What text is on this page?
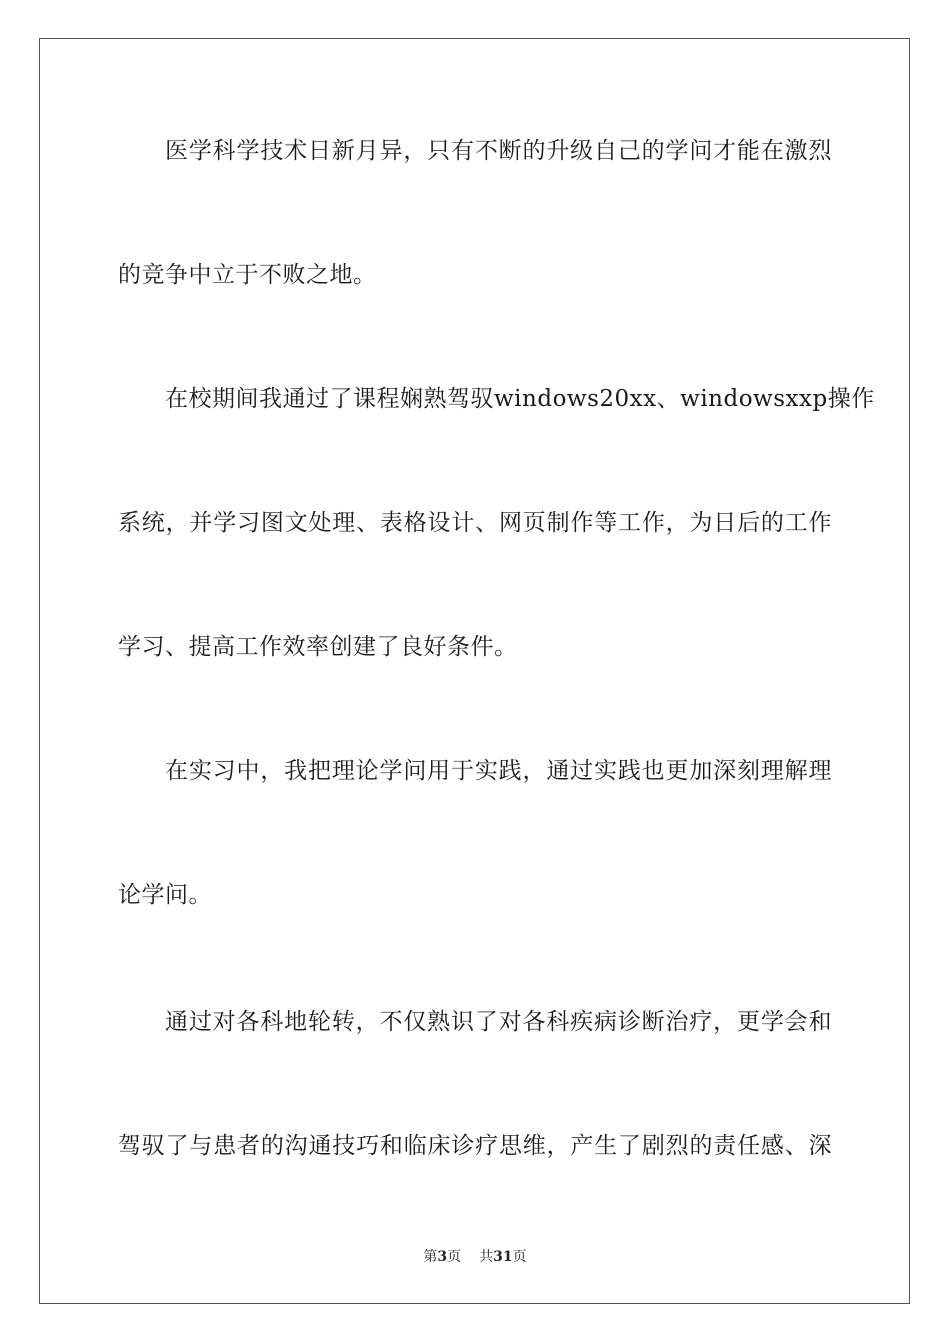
医学科学技术日新月异，只有不断的升级自己的学问才能在激烈
的竞争中立于不败之地。
在校期间我通过了课程娴熟驾驭windows20xx、windowsxxp操作
系统，并学习图文处理、表格设计、网页制作等工作，为日后的工作
学习、提高工作效率创建了良好条件。
在实习中，我把理论学问用于实践，通过实践也更加深刻理解理
论学问。
通过对各科地轮转，不仅熟识了对各科疾病诊断治疗，更学会和
驾驭了与患者的沟通技巧和临床诊疗思维，产生了剧烈的责任感、深
第3页 共31页
